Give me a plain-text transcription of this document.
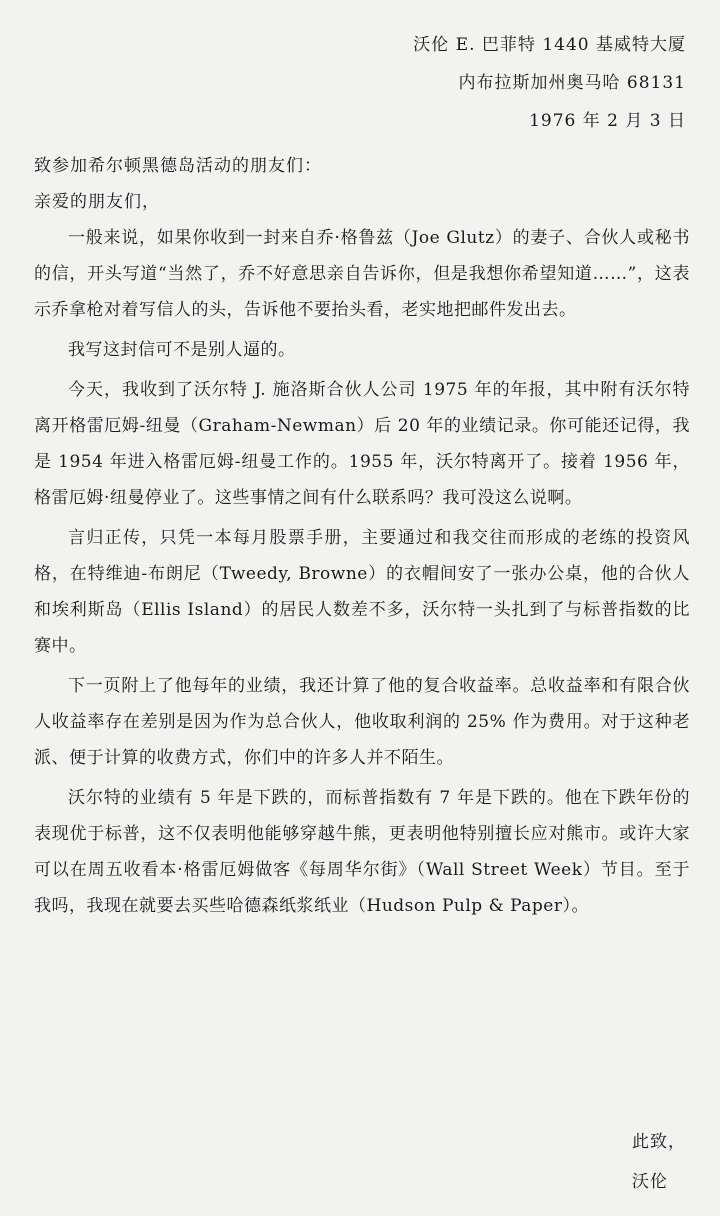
沃伦 E. 巴菲特 1440 基威特大厦
内布拉斯加州奥马哈 68131
1976 年 2 月 3 日
致参加希尔顿黑德岛活动的朋友们：
亲爱的朋友们，

一般来说，如果你收到一封来自乔·格鲁兹（Joe Glutz）的妻子、合伙人或秘书的信，开头写道“当然了，乔不好意思亲自告诉你，但是我想你希望知道……”，这表示乔拿枪对着写信人的头，告诉他不要抬头看，老实地把邮件发出去。

我写这封信可不是别人逼的。

今天，我收到了沃尔特 J. 施洛斯合伙人公司 1975 年的年报，其中附有沃尔特离开格雷厄姆-纽曼（Graham-Newman）后 20 年的业绩记录。你可能还记得，我是 1954 年进入格雷厄姆-纽曼工作的。1955 年，沃尔特离开了。接着 1956 年，格雷厄姆·纽曼停业了。这些事情之间有什么联系吗？我可没这么说啊。

言归正传，只凭一本每月股票手册，主要通过和我交往而形成的老练的投资风格，在特维迪-布朗尼（Tweedy, Browne）的衣帽间安了一张办公桌，他的合伙人和埃利斯岛（Ellis Island）的居民人数差不多，沃尔特一头扎到了与标普指数的比赛中。

下一页附上了他每年的业绩，我还计算了他的复合收益率。总收益率和有限合伙人收益率存在差别是因为作为总合伙人，他收取利润的 25% 作为费用。对于这种老派、便于计算的收费方式，你们中的许多人并不陌生。

沃尔特的业绩有 5 年是下跌的，而标普指数有 7 年是下跌的。他在下跌年份的表现优于标普，这不仅表明他能够穿越牛熊，更表明他特别擅长应对熊市。或许大家可以在周五收看本·格雷厄姆做客《每周华尔街》（Wall Street Week）节目。至于我吗，我现在就要去买些哈德森纸浆纸业（Hudson Pulp & Paper）。

此致，
沃伦
